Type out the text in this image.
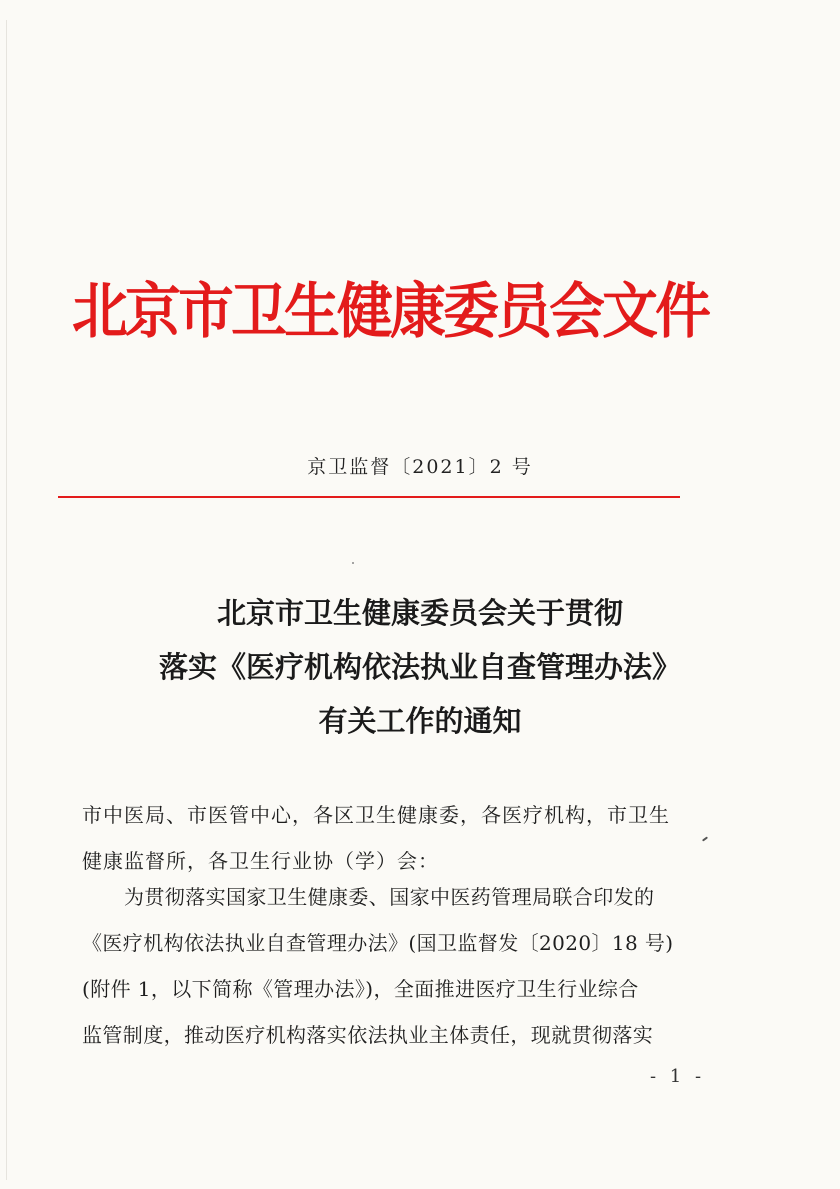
北京市卫生健康委员会文件
京卫监督〔2021〕2 号
北京市卫生健康委员会关于贯彻
落实《医疗机构依法执业自查管理办法》
有关工作的通知
市中医局、市医管中心，各区卫生健康委，各医疗机构，市卫生
健康监督所，各卫生行业协（学）会：
为贯彻落实国家卫生健康委、国家中医药管理局联合印发的
《医疗机构依法执业自查管理办法》(国卫监督发〔2020〕18 号)
(附件 1，以下简称《管理办法》)，全面推进医疗卫生行业综合
监管制度，推动医疗机构落实依法执业主体责任，现就贯彻落实
- 1 -
